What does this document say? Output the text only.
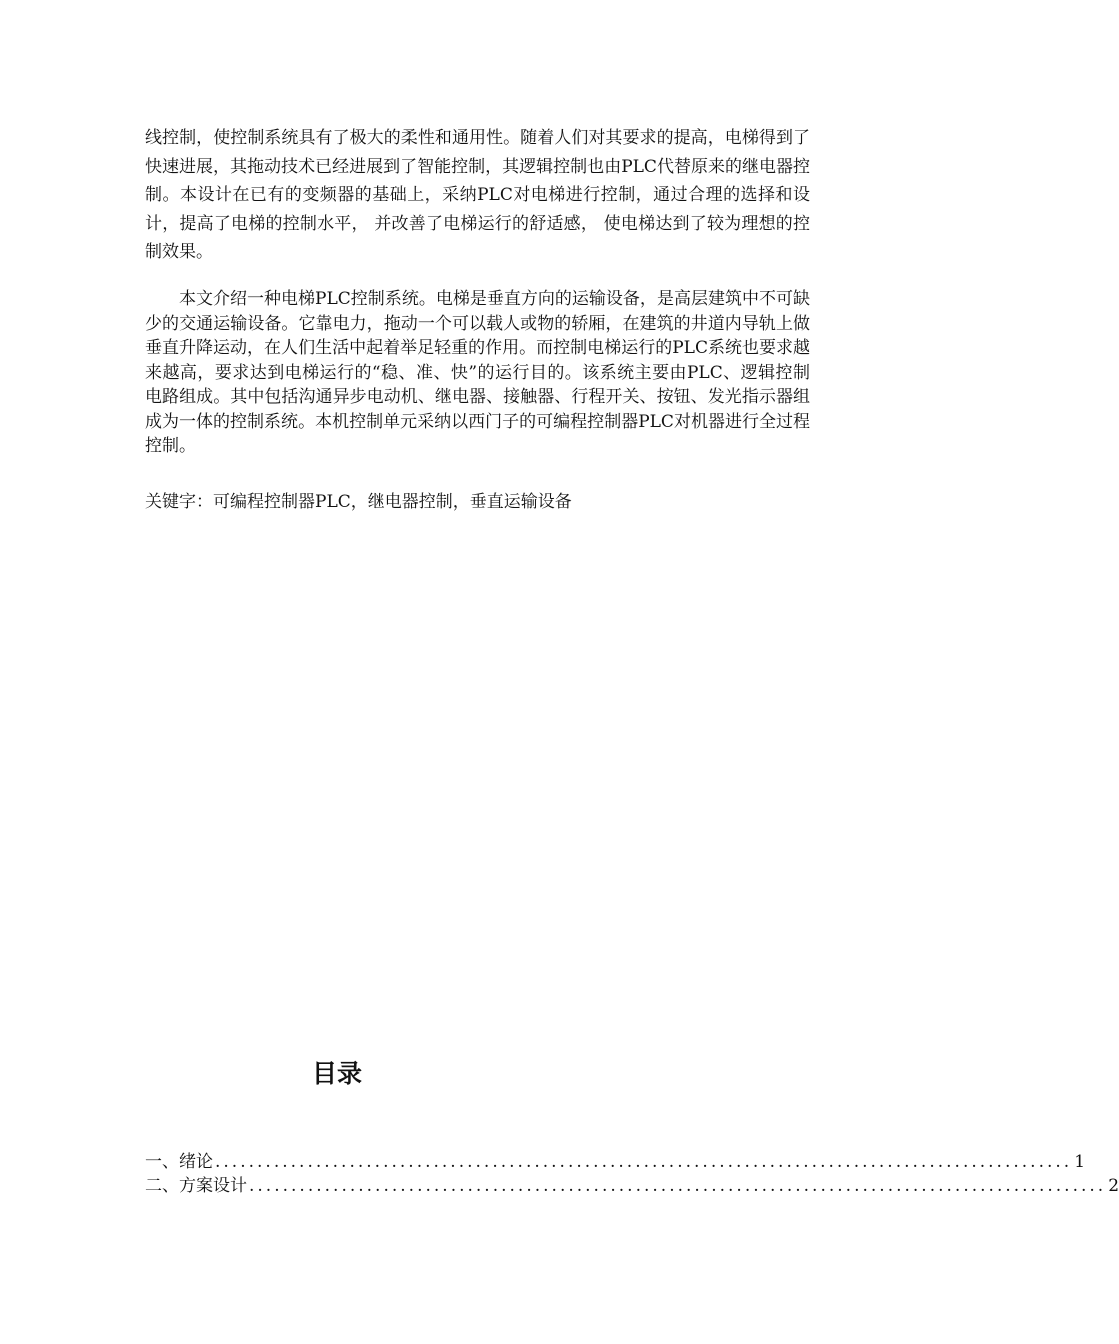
线控制，使控制系统具有了极大的柔性和通用性。随着人们对其要求的提高，电梯得到了快速进展，其拖动技术已经进展到了智能控制，其逻辑控制也由PLC代替原来的继电器控制。本设计在已有的变频器的基础上，采纳PLC对电梯进行控制，通过合理的选择和设计，提高了电梯的控制水平， 并改善了电梯运行的舒适感， 使电梯达到了较为理想的控制效果。
本文介绍一种电梯PLC控制系统。电梯是垂直方向的运输设备，是高层建筑中不可缺少的交通运输设备。它靠电力，拖动一个可以载人或物的轿厢，在建筑的井道内导轨上做垂直升降运动，在人们生活中起着举足轻重的作用。而控制电梯运行的PLC系统也要求越来越高，要求达到电梯运行的“稳、准、快”的运行目的。该系统主要由PLC、逻辑控制电路组成。其中包括沟通异步电动机、继电器、接触器、行程开关、按钮、发光指示器组成为一体的控制系统。本机控制单元采纳以西门子的可编程控制器PLC对机器进行全过程控制。
关键字：可编程控制器PLC，继电器控制，垂直运输设备
目录
一、绪论 ...................................................................................................... 1
二、方案设计 ...................................................................................................... 2
